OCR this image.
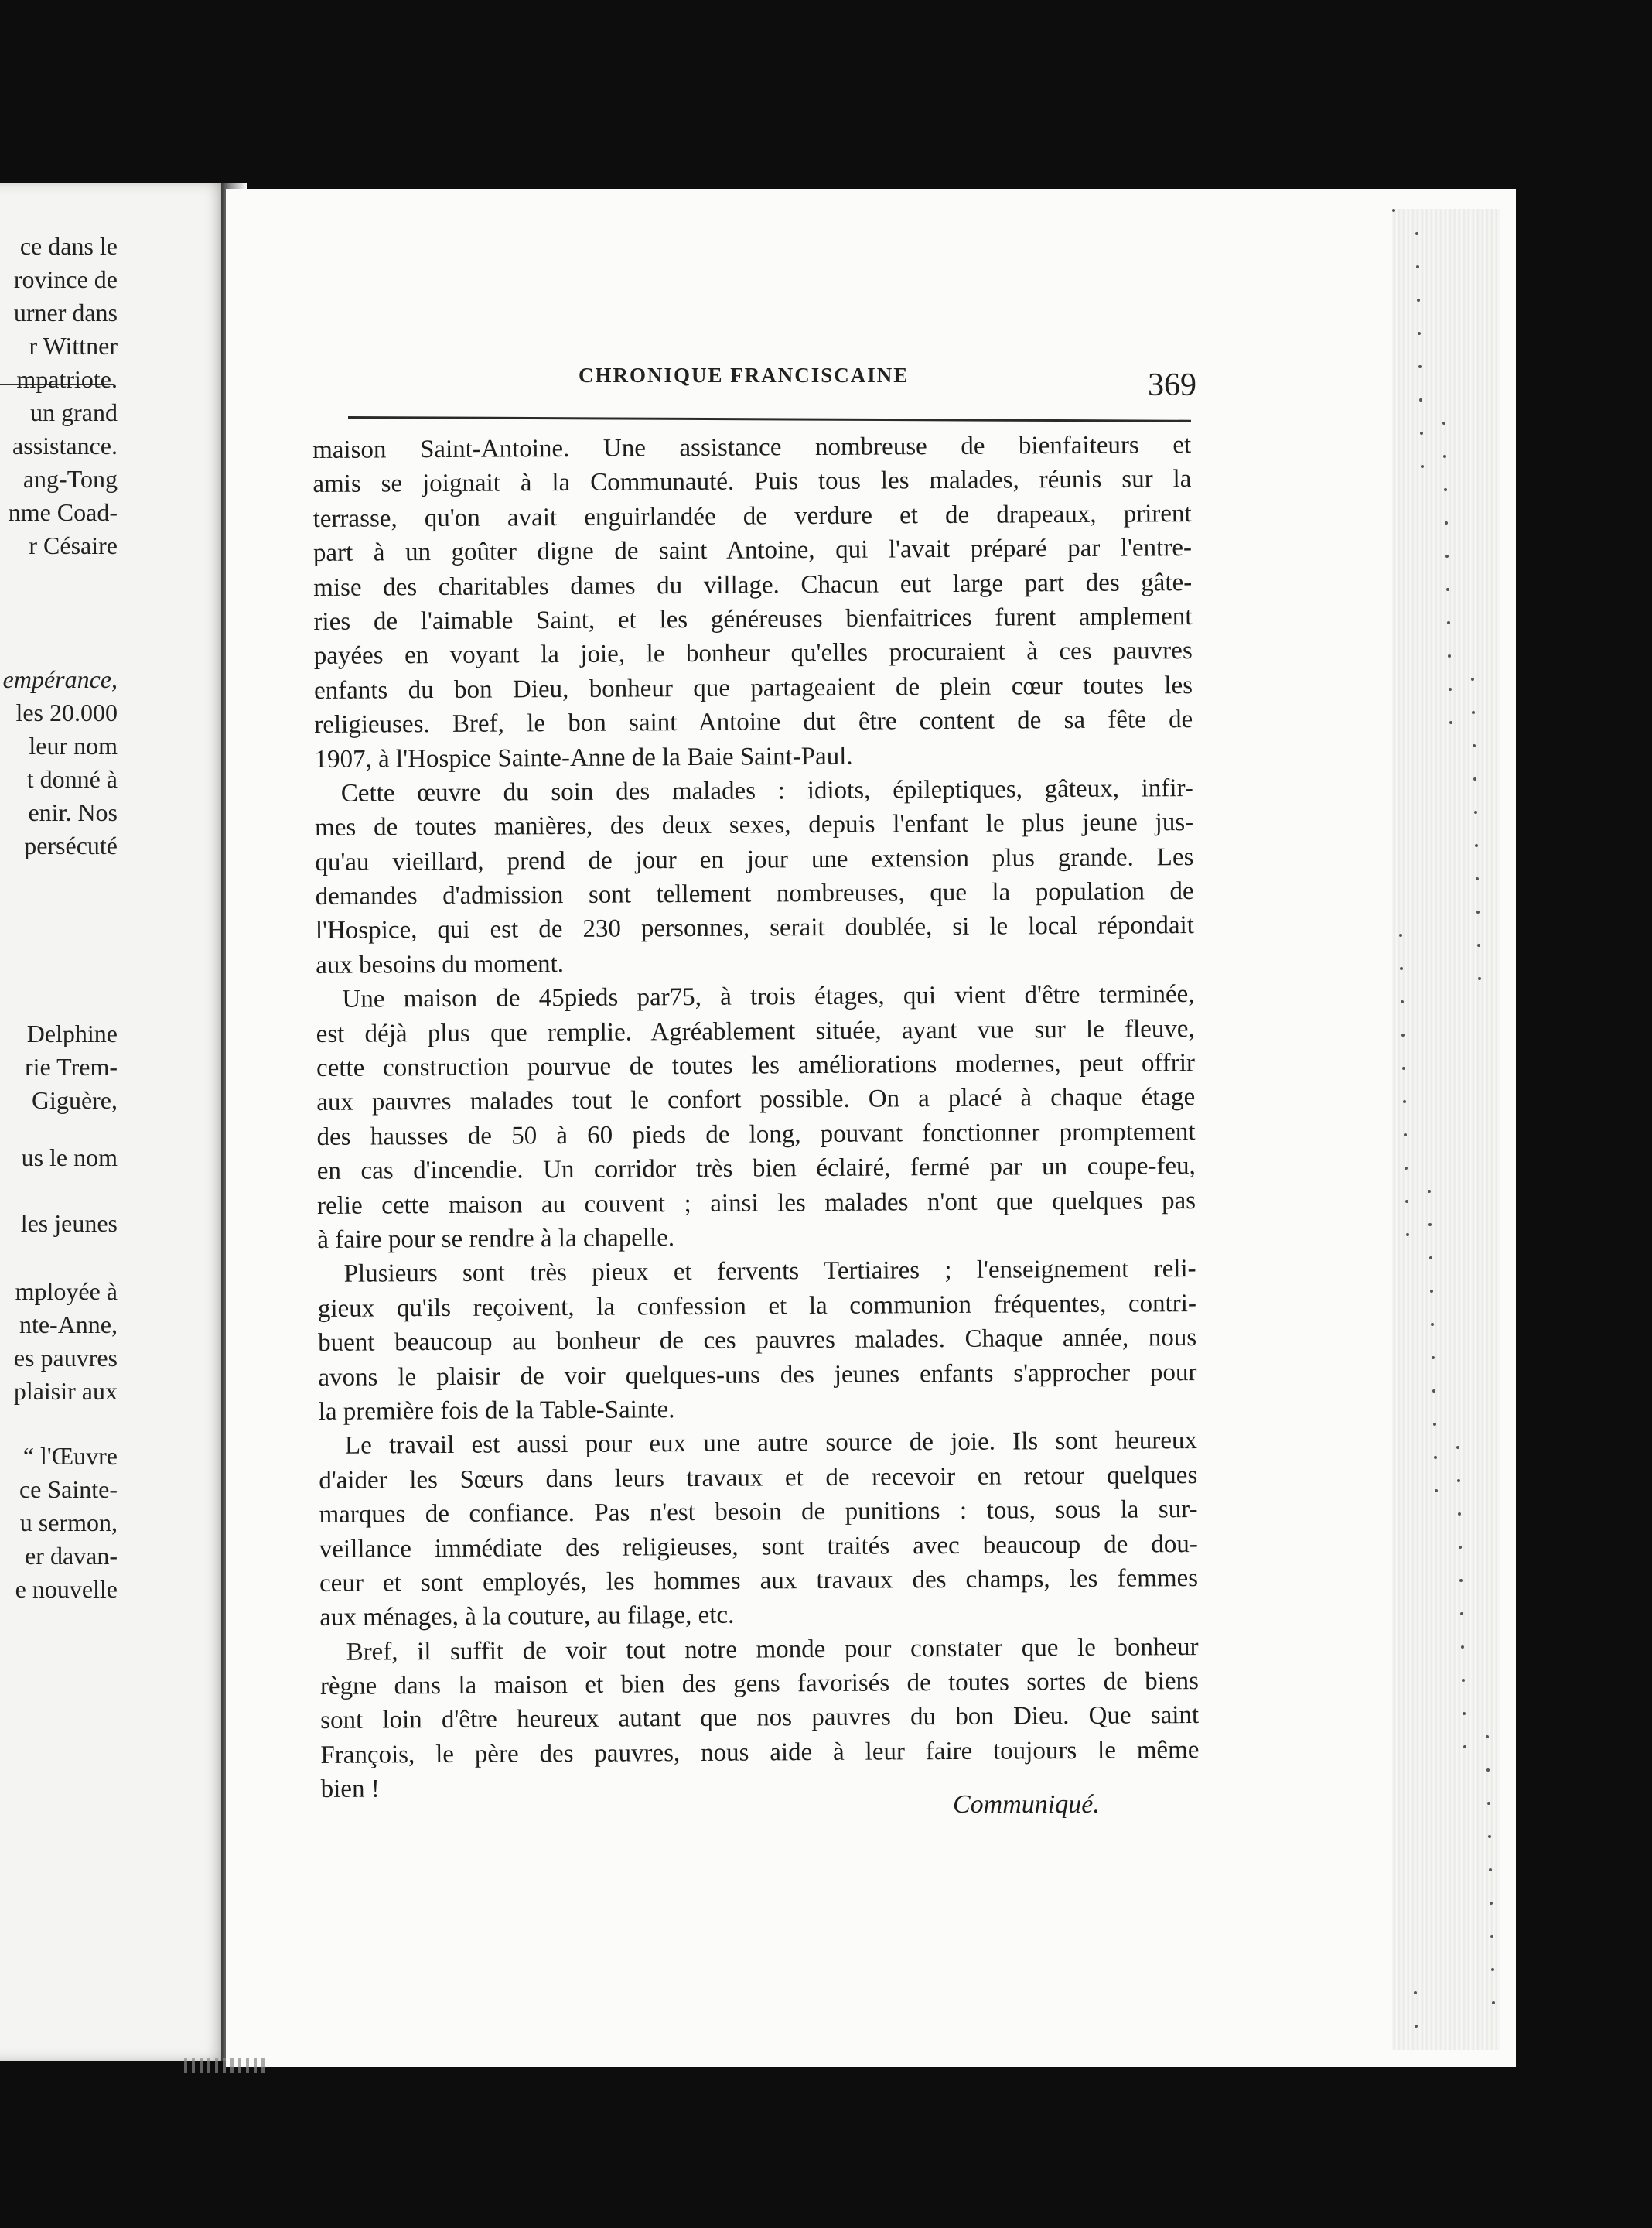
ce dans le
rovince de
urner dans
r Wittner
mpatriote.
un grand
assistance.
ang-Tong
nme Coad-
r Césaire
empérance,
les 20.000
leur nom
t donné à
enir. Nos
persécuté
Delphine
rie Trem-
Giguère,
us le nom
les jeunes
mployée à
nte-Anne,
es pauvres
plaisir aux
“ l'Œuvre
ce Sainte-
u sermon,
er davan-
e nouvelle
CHRONIQUE FRANCISCAINE	369
maison Saint-Antoine. Une assistance nombreuse de bienfaiteurs et
amis se joignait à la Communauté. Puis tous les malades, réunis sur la
terrasse, qu'on avait enguirlandée de verdure et de drapeaux, prirent
part à un goûter digne de saint Antoine, qui l'avait préparé par l'entre-
mise des charitables dames du village. Chacun eut large part des gâte-
ries de l'aimable Saint, et les généreuses bienfaitrices furent amplement
payées en voyant la joie, le bonheur qu'elles procuraient à ces pauvres
enfants du bon Dieu, bonheur que partageaient de plein cœur toutes les
religieuses. Bref, le bon saint Antoine dut être content de sa fête de
1907, à l'Hospice Sainte-Anne de la Baie Saint-Paul.
Cette œuvre du soin des malades : idiots, épileptiques, gâteux, infir-
mes de toutes manières, des deux sexes, depuis l'enfant le plus jeune jus-
qu'au vieillard, prend de jour en jour une extension plus grande. Les
demandes d'admission sont tellement nombreuses, que la population de
l'Hospice, qui est de 230 personnes, serait doublée, si le local répondait
aux besoins du moment.
Une maison de 45pieds par75, à trois étages, qui vient d'être terminée,
est déjà plus que remplie. Agréablement située, ayant vue sur le fleuve,
cette construction pourvue de toutes les améliorations modernes, peut offrir
aux pauvres malades tout le confort possible. On a placé à chaque étage
des hausses de 50 à 60 pieds de long, pouvant fonctionner promptement
en cas d'incendie. Un corridor très bien éclairé, fermé par un coupe-feu,
relie cette maison au couvent ; ainsi les malades n'ont que quelques pas
à faire pour se rendre à la chapelle.
Plusieurs sont très pieux et fervents Tertiaires ; l'enseignement reli-
gieux qu'ils reçoivent, la confession et la communion fréquentes, contri-
buent beaucoup au bonheur de ces pauvres malades. Chaque année, nous
avons le plaisir de voir quelques-uns des jeunes enfants s'approcher pour
la première fois de la Table-Sainte.
Le travail est aussi pour eux une autre source de joie. Ils sont heureux
d'aider les Sœurs dans leurs travaux et de recevoir en retour quelques
marques de confiance. Pas n'est besoin de punitions : tous, sous la sur-
veillance immédiate des religieuses, sont traités avec beaucoup de dou-
ceur et sont employés, les hommes aux travaux des champs, les femmes
aux ménages, à la couture, au filage, etc.
Bref, il suffit de voir tout notre monde pour constater que le bonheur
règne dans la maison et bien des gens favorisés de toutes sortes de biens
sont loin d'être heureux autant que nos pauvres du bon Dieu. Que saint
François, le père des pauvres, nous aide à leur faire toujours le même
bien !
Communiqué.
